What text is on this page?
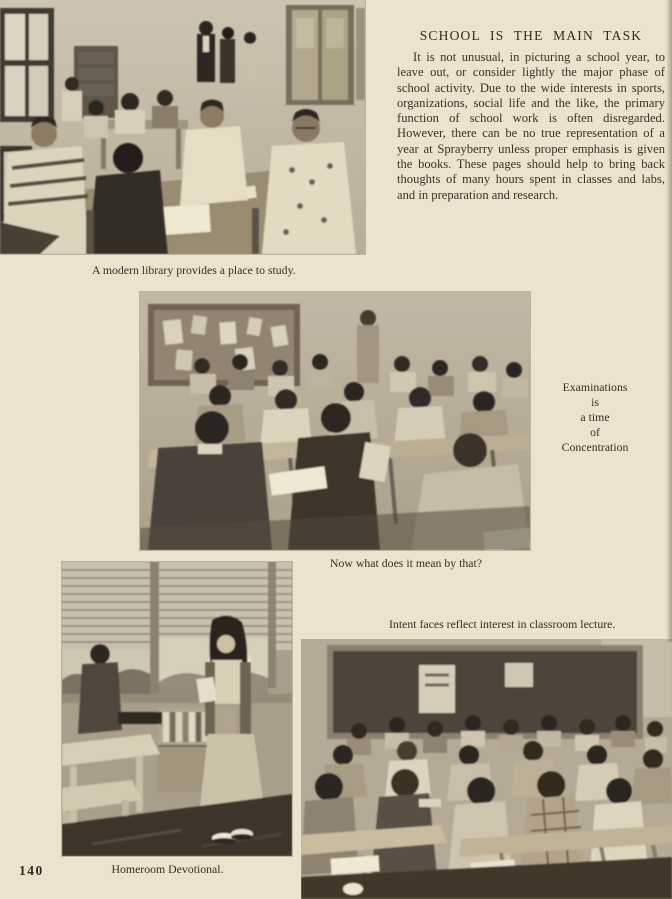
SCHOOL IS THE MAIN TASK

It is not unusual, in picturing a school year, to leave out, or consider lightly the major phase of school activity. Due to the wide interests in sports, organizations, social life and the like, the primary function of school work is often disregarded. However, there can be no true representation of a year at Sprayberry unless proper emphasis is given the books. These pages should help to bring back thoughts of many hours spent in classes and labs, and in preparation and research.

A modern library provides a place to study.
Examinations
is
a time
of
Concentration
Now what does it mean by that?
Intent faces reflect interest in classroom lecture.
Homeroom Devotional.
140
